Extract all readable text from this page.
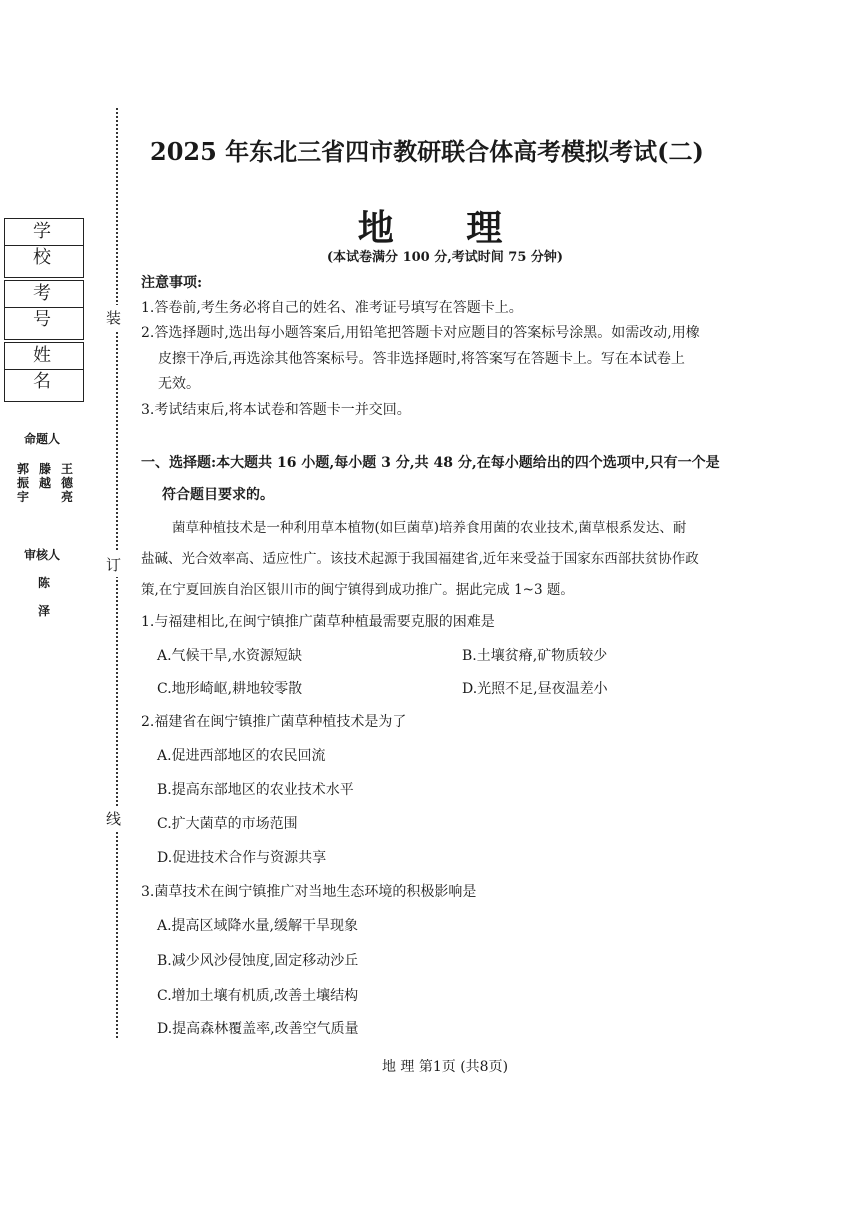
学 校
考 号
姓 名
命题人
郭振宇
滕越
王德亮
审核人
陈
泽
装
订
线
2025 年东北三省四市教研联合体高考模拟考试(二)
地 理
(本试卷满分 100 分,考试时间 75 分钟)
注意事项:
1.答卷前,考生务必将自己的姓名、准考证号填写在答题卡上。
2.答选择题时,选出每小题答案后,用铅笔把答题卡对应题目的答案标号涂黑。如需改动,用橡
皮擦干净后,再选涂其他答案标号。答非选择题时,将答案写在答题卡上。写在本试卷上
无效。
3.考试结束后,将本试卷和答题卡一并交回。
一、选择题:本大题共 16 小题,每小题 3 分,共 48 分,在每小题给出的四个选项中,只有一个是
符合题目要求的。
菌草种植技术是一种利用草本植物(如巨菌草)培养食用菌的农业技术,菌草根系发达、耐
盐碱、光合效率高、适应性广。该技术起源于我国福建省,近年来受益于国家东西部扶贫协作政
策,在宁夏回族自治区银川市的闽宁镇得到成功推广。据此完成 1~3 题。
1.与福建相比,在闽宁镇推广菌草种植最需要克服的困难是
A.气候干旱,水资源短缺	B.土壤贫瘠,矿物质较少
C.地形崎岖,耕地较零散	D.光照不足,昼夜温差小
2.福建省在闽宁镇推广菌草种植技术是为了
A.促进西部地区的农民回流
B.提高东部地区的农业技术水平
C.扩大菌草的市场范围
D.促进技术合作与资源共享
3.菌草技术在闽宁镇推广对当地生态环境的积极影响是
A.提高区域降水量,缓解干旱现象
B.减少风沙侵蚀度,固定移动沙丘
C.增加土壤有机质,改善土壤结构
D.提高森林覆盖率,改善空气质量
地 理 第1页 (共8页)
